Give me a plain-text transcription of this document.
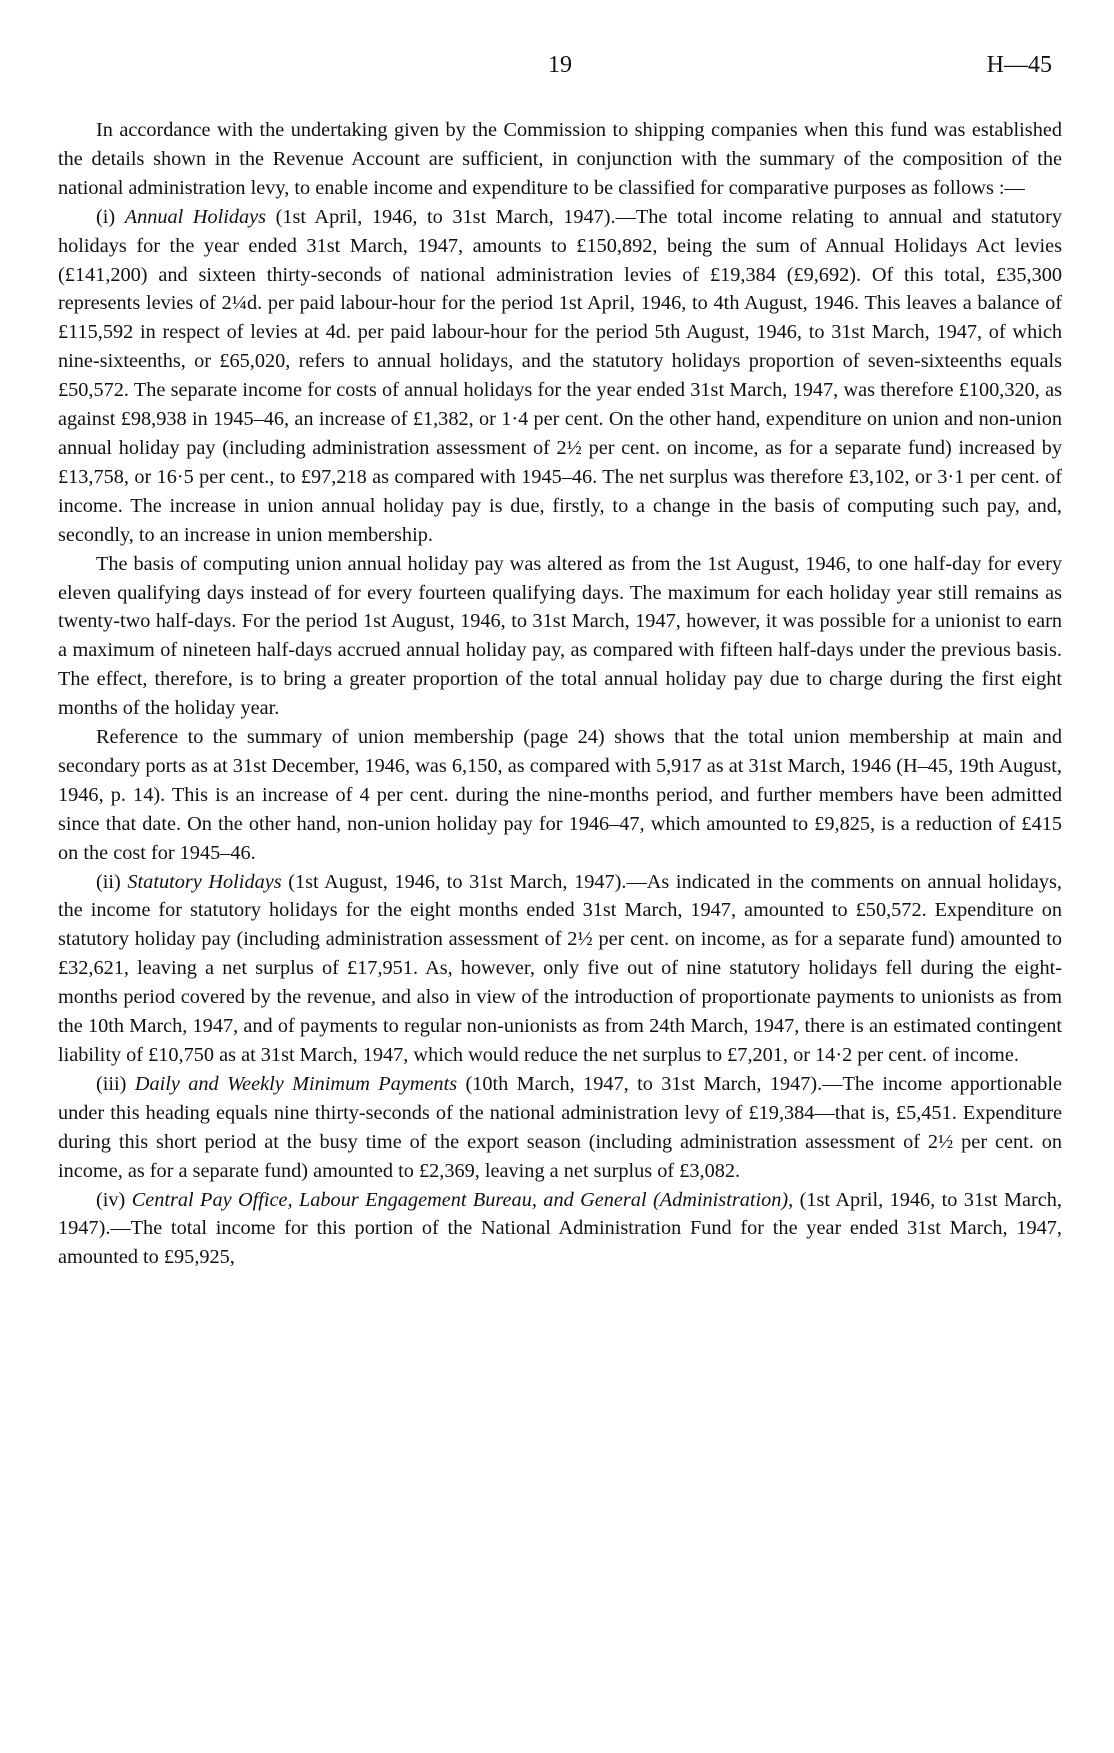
19	H—45

In accordance with the undertaking given by the Commission to shipping companies when this fund was established the details shown in the Revenue Account are sufficient, in conjunction with the summary of the composition of the national administration levy, to enable income and expenditure to be classified for comparative purposes as follows :—

(i) Annual Holidays (1st April, 1946, to 31st March, 1947).—The total income relating to annual and statutory holidays for the year ended 31st March, 1947, amounts to £150,892, being the sum of Annual Holidays Act levies (£141,200) and sixteen thirty-seconds of national administration levies of £19,384 (£9,692). Of this total, £35,300 represents levies of 2¼d. per paid labour-hour for the period 1st April, 1946, to 4th August, 1946. This leaves a balance of £115,592 in respect of levies at 4d. per paid labour-hour for the period 5th August, 1946, to 31st March, 1947, of which nine-sixteenths, or £65,020, refers to annual holidays, and the statutory holidays proportion of seven-sixteenths equals £50,572. The separate income for costs of annual holidays for the year ended 31st March, 1947, was therefore £100,320, as against £98,938 in 1945–46, an increase of £1,382, or 1·4 per cent. On the other hand, expenditure on union and non-union annual holiday pay (including administration assessment of 2½ per cent. on income, as for a separate fund) increased by £13,758, or 16·5 per cent., to £97,218 as compared with 1945–46. The net surplus was therefore £3,102, or 3·1 per cent. of income. The increase in union annual holiday pay is due, firstly, to a change in the basis of computing such pay, and, secondly, to an increase in union membership.

The basis of computing union annual holiday pay was altered as from the 1st August, 1946, to one half-day for every eleven qualifying days instead of for every fourteen qualifying days. The maximum for each holiday year still remains as twenty-two half-days. For the period 1st August, 1946, to 31st March, 1947, however, it was possible for a unionist to earn a maximum of nineteen half-days accrued annual holiday pay, as compared with fifteen half-days under the previous basis. The effect, therefore, is to bring a greater proportion of the total annual holiday pay due to charge during the first eight months of the holiday year.

Reference to the summary of union membership (page 24) shows that the total union membership at main and secondary ports as at 31st December, 1946, was 6,150, as compared with 5,917 as at 31st March, 1946 (H–45, 19th August, 1946, p. 14). This is an increase of 4 per cent. during the nine-months period, and further members have been admitted since that date. On the other hand, non-union holiday pay for 1946–47, which amounted to £9,825, is a reduction of £415 on the cost for 1945–46.

(ii) Statutory Holidays (1st August, 1946, to 31st March, 1947).—As indicated in the comments on annual holidays, the income for statutory holidays for the eight months ended 31st March, 1947, amounted to £50,572. Expenditure on statutory holiday pay (including administration assessment of 2½ per cent. on income, as for a separate fund) amounted to £32,621, leaving a net surplus of £17,951. As, however, only five out of nine statutory holidays fell during the eight-months period covered by the revenue, and also in view of the introduction of proportionate payments to unionists as from the 10th March, 1947, and of payments to regular non-unionists as from 24th March, 1947, there is an estimated contingent liability of £10,750 as at 31st March, 1947, which would reduce the net surplus to £7,201, or 14·2 per cent. of income.

(iii) Daily and Weekly Minimum Payments (10th March, 1947, to 31st March, 1947).—The income apportionable under this heading equals nine thirty-seconds of the national administration levy of £19,384—that is, £5,451. Expenditure during this short period at the busy time of the export season (including administration assessment of 2½ per cent. on income, as for a separate fund) amounted to £2,369, leaving a net surplus of £3,082.

(iv) Central Pay Office, Labour Engagement Bureau, and General (Administration), (1st April, 1946, to 31st March, 1947).—The total income for this portion of the National Administration Fund for the year ended 31st March, 1947, amounted to £95,925,
